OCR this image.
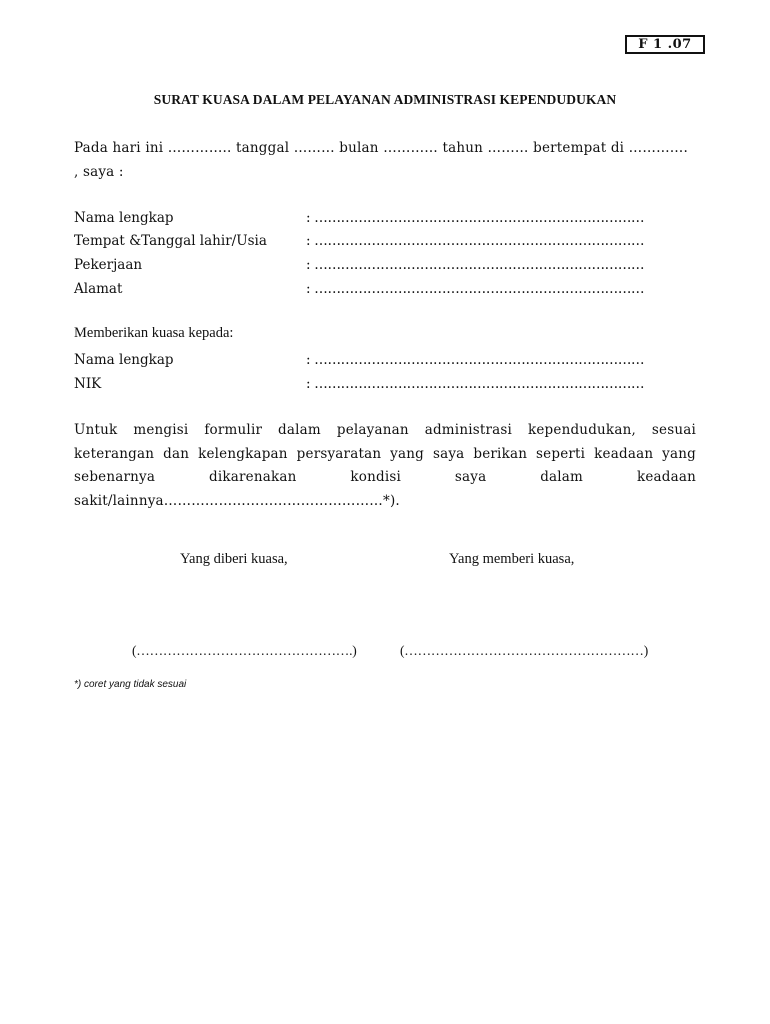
F 1 .07
SURAT KUASA DALAM PELAYANAN ADMINISTRASI KEPENDUDUKAN
Pada hari ini ………….. tanggal ……… bulan ………… tahun ……… bertempat di …………. , saya :
Nama lengkap	: …………………………………………………………………
Tempat &Tanggal lahir/Usia	: …………………………………………………………………
Pekerjaan	: …………………………………………………………………
Alamat	: …………………………………………………………………
Memberikan kuasa kepada:
Nama lengkap	: …………………………………………………………………
NIK	: …………………………………………………………………
Untuk mengisi formulir dalam pelayanan administrasi kependudukan, sesuai keterangan dan kelengkapan persyaratan yang saya berikan seperti keadaan yang sebenarnya dikarenakan kondisi saya dalam keadaan sakit/lainnya…………………………………………*).
Yang diberi kuasa,	Yang memberi kuasa,
(………………………………………….)	(………………………………………………)
*) coret yang tidak sesuai
